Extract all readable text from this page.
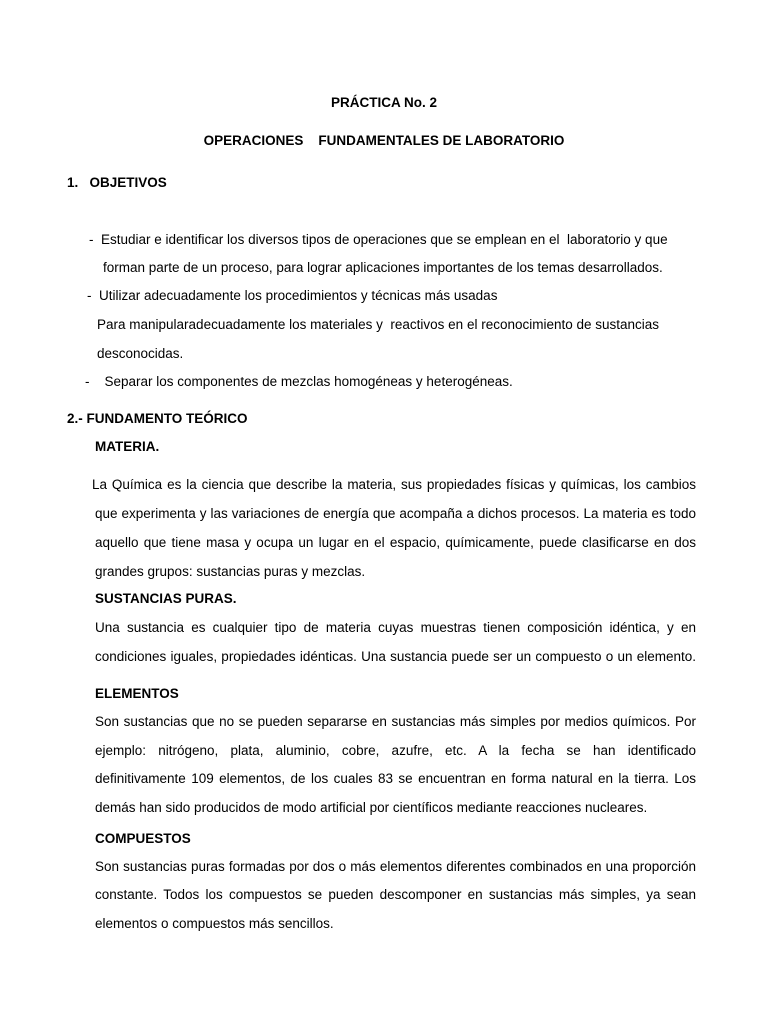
PRÁCTICA No. 2

OPERACIONES    FUNDAMENTALES DE LABORATORIO

1.   OBJETIVOS

-  Estudiar e identificar los diversos tipos de operaciones que se emplean en el  laboratorio y que

forman parte de un proceso, para lograr aplicaciones importantes de los temas desarrollados.

-  Utilizar adecuadamente los procedimientos y técnicas más usadas

Para manipularadecuadamente los materiales y  reactivos en el reconocimiento de sustancias

desconocidas.

-    Separar los componentes de mezclas homogéneas y heterogéneas.

2.- FUNDAMENTO TEÓRICO

MATERIA.

La Química es la ciencia que describe la materia, sus propiedades físicas y químicas, los cambios

que experimenta y las variaciones de energía que acompaña a dichos procesos. La materia es todo

aquello que tiene masa y ocupa un lugar en el espacio, químicamente, puede clasificarse en dos

grandes grupos: sustancias puras y mezclas.

SUSTANCIAS PURAS.

Una sustancia es cualquier tipo de materia cuyas muestras tienen composición idéntica, y en

condiciones iguales, propiedades idénticas. Una sustancia puede ser un compuesto o un elemento.

ELEMENTOS

Son sustancias que no se pueden separarse en sustancias más simples por medios químicos. Por

ejemplo: nitrógeno, plata, aluminio, cobre, azufre, etc. A la fecha se han identificado

definitivamente 109 elementos, de los cuales 83 se encuentran en forma natural en la tierra. Los

demás han sido producidos de modo artificial por científicos mediante reacciones nucleares.

COMPUESTOS

Son sustancias puras formadas por dos o más elementos diferentes combinados en una proporción

constante. Todos los compuestos se pueden descomponer en sustancias más simples, ya sean

elementos o compuestos más sencillos.
